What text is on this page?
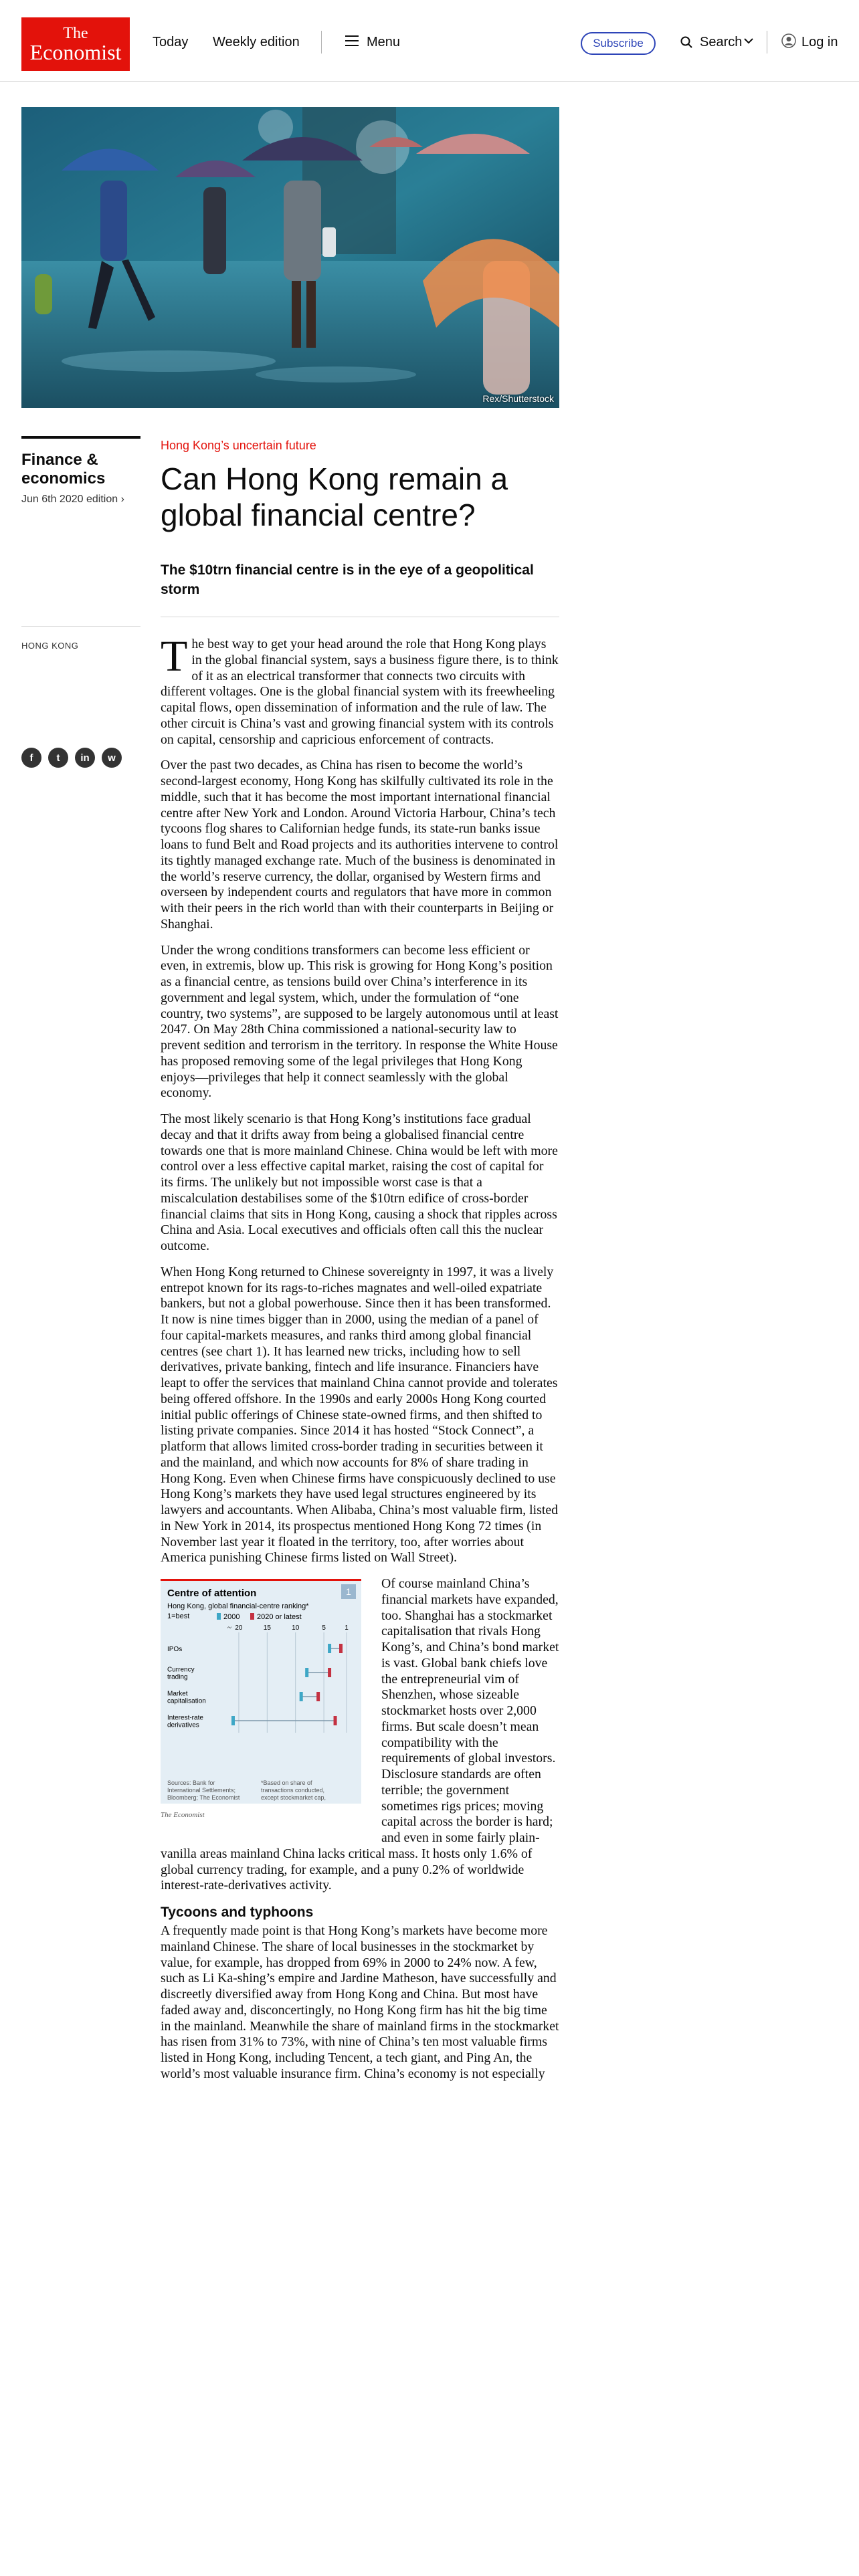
The
Economist Today Weekly edition	Menu	Subscribe	Search	Log in
Rex/Shutterstock
Finance & economics
Jun 6th 2020 edition ›
HONG KONG
f	t	in	w
Hong Kong’s uncertain future
Can Hong Kong remain a global financial centre?
The $10trn financial centre is in the eye of a geopolitical storm

The best way to get your head around the role that Hong Kong plays in the global financial system, says a business figure there, is to think of it as an electrical transformer that connects two circuits with different voltages. One is the global financial system with its freewheeling capital flows, open dissemination of information and the rule of law. The other circuit is China’s vast and growing financial system with its controls on capital, censorship and capricious enforcement of contracts.

Over the past two decades, as China has risen to become the world’s second-largest economy, Hong Kong has skilfully cultivated its role in the middle, such that it has become the most important international financial centre after New York and London. Around Victoria Harbour, China’s tech tycoons flog shares to Californian hedge funds, its state-run banks issue loans to fund Belt and Road projects and its authorities intervene to control its tightly managed exchange rate. Much of the business is denominated in the world’s reserve currency, the dollar, organised by Western firms and overseen by independent courts and regulators that have more in common with their peers in the rich world than with their counterparts in Beijing or Shanghai.

Under the wrong conditions transformers can become less efficient or even, in extremis, blow up. This risk is growing for Hong Kong’s position as a financial centre, as tensions build over China’s interference in its government and legal system, which, under the formulation of “one country, two systems”, are supposed to be largely autonomous until at least 2047. On May 28th China commissioned a national-security law to prevent sedition and terrorism in the territory. In response the White House has proposed removing some of the legal privileges that Hong Kong enjoys—privileges that help it connect seamlessly with the global economy.

The most likely scenario is that Hong Kong’s institutions face gradual decay and that it drifts away from being a globalised financial centre towards one that is more mainland Chinese. China would be left with more control over a less effective capital market, raising the cost of capital for its firms. The unlikely but not impossible worst case is that a miscalculation destabilises some of the $10trn edifice of cross-border financial claims that sits in Hong Kong, causing a shock that ripples across China and Asia. Local executives and officials often call this the nuclear outcome.

When Hong Kong returned to Chinese sovereignty in 1997, it was a lively entrepot known for its rags-to-riches magnates and well-oiled expatriate bankers, but not a global powerhouse. Since then it has been transformed. It now is nine times bigger than in 2000, using the median of a panel of four capital-markets measures, and ranks third among global financial centres (see chart 1). It has learned new tricks, including how to sell derivatives, private banking, fintech and life insurance. Financiers have leapt to offer the services that mainland China cannot provide and tolerates being offered offshore. In the 1990s and early 2000s Hong Kong courted initial public offerings of Chinese state-owned firms, and then shifted to listing private companies. Since 2014 it has hosted “Stock Connect”, a platform that allows limited cross-border trading in securities between it and the mainland, and which now accounts for 8% of share trading in Hong Kong. Even when Chinese firms have conspicuously declined to use Hong Kong’s markets they have used legal structures engineered by its lawyers and accountants. When Alibaba, China’s most valuable firm, listed in New York in 2014, its prospectus mentioned Hong Kong 72 times (in November last year it floated in the territory, too, after worries about America punishing Chinese firms listed on Wall Street).

1
Centre of attention
Hong Kong, global financial-centre ranking*
1=best	2000 2020 or latest
20	15	10	5	1
~
IPOs
Currency trading
Market capitalisation
Interest-rate derivatives
Sources: Bank for International Settlements; Bloomberg; The Economist
*Based on share of transactions conducted, except stockmarket cap,
The Economist

Of course mainland China’s financial markets have expanded, too. Shanghai has a stockmarket capitalisation that rivals Hong Kong’s, and China’s bond market is vast. Global bank chiefs love the entrepreneurial vim of Shenzhen, whose sizeable stockmarket hosts over 2,000 firms. But scale doesn’t mean compatibility with the requirements of global investors. Disclosure standards are often terrible; the government sometimes rigs prices; moving capital across the border is hard; and even in some fairly plain-vanilla areas mainland China lacks critical mass. It hosts only 1.6% of global currency trading, for example, and a puny 0.2% of worldwide interest-rate-derivatives activity.

Tycoons and typhoons

A frequently made point is that Hong Kong’s markets have become more mainland Chinese. The share of local businesses in the stockmarket by value, for example, has dropped from 69% in 2000 to 24% now. A few, such as Li Ka-shing’s empire and Jardine Matheson, have successfully and discreetly diversified away from Hong Kong and China. But most have faded away and, disconcertingly, no Hong Kong firm has hit the big time in the mainland. Meanwhile the share of mainland firms in the stockmarket has risen from 31% to 73%, with nine of China’s ten most valuable firms listed in Hong Kong, including Tencent, a tech giant, and Ping An, the world’s most valuable insurance firm. China’s economy is not especially
